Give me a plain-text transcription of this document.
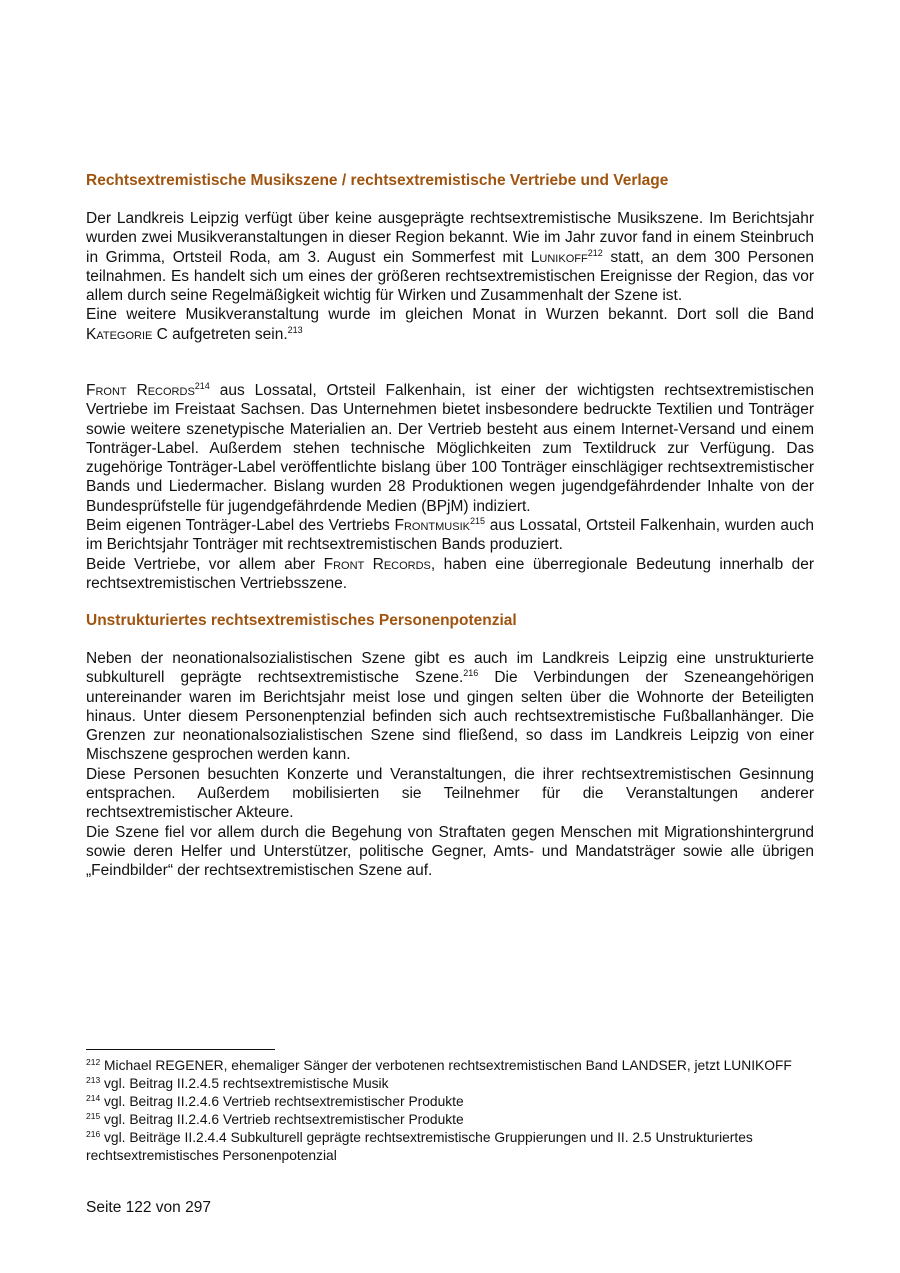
Rechtsextremistische Musikszene / rechtsextremistische Vertriebe und Verlage

Der Landkreis Leipzig verfügt über keine ausgeprägte rechtsextremistische Musikszene. Im Berichtsjahr wurden zwei Musikveranstaltungen in dieser Region bekannt. Wie im Jahr zuvor fand in einem Steinbruch in Grimma, Ortsteil Roda, am 3. August ein Sommerfest mit Lunikoff$^{212}$ statt, an dem 300 Personen teilnahmen. Es handelt sich um eines der größeren rechtsextremistischen Ereignisse der Region, das vor allem durch seine Regelmäßigkeit wichtig für Wirken und Zusammenhalt der Szene ist.

Eine weitere Musikveranstaltung wurde im gleichen Monat in Wurzen bekannt. Dort soll die Band Kategorie C aufgetreten sein.$^{213}$

Front Records$^{214}$ aus Lossatal, Ortsteil Falkenhain, ist einer der wichtigsten rechtsextremistischen Vertriebe im Freistaat Sachsen. Das Unternehmen bietet insbesondere bedruckte Textilien und Tonträger sowie weitere szenetypische Materialien an. Der Vertrieb besteht aus einem Internet-Versand und einem Tonträger-Label. Außerdem stehen technische Möglichkeiten zum Textildruck zur Verfügung. Das zugehörige Tonträger-Label veröffentlichte bislang über 100 Tonträger einschlägiger rechtsextremistischer Bands und Liedermacher. Bislang wurden 28 Produktionen wegen jugendgefährdender Inhalte von der Bundesprüfstelle für jugendgefährdende Medien (BPjM) indiziert.

Beim eigenen Tonträger-Label des Vertriebs Frontmusik$^{215}$ aus Lossatal, Ortsteil Falkenhain, wurden auch im Berichtsjahr Tonträger mit rechtsextremistischen Bands produziert.

Beide Vertriebe, vor allem aber Front Records, haben eine überregionale Bedeutung innerhalb der rechtsextremistischen Vertriebsszene.

Unstrukturiertes rechtsextremistisches Personenpotenzial

Neben der neonationalsozialistischen Szene gibt es auch im Landkreis Leipzig eine unstrukturierte subkulturell geprägte rechtsextremistische Szene.$^{216}$ Die Verbindungen der Szeneangehörigen untereinander waren im Berichtsjahr meist lose und gingen selten über die Wohnorte der Beteiligten hinaus. Unter diesem Personenptenzial befinden sich auch rechtsextremistische Fußballanhänger. Die Grenzen zur neonationalsozialistischen Szene sind fließend, so dass im Landkreis Leipzig von einer Mischszene gesprochen werden kann.

Diese Personen besuchten Konzerte und Veranstaltungen, die ihrer rechtsextremistischen Gesinnung entsprachen. Außerdem mobilisierten sie Teilnehmer für die Veranstaltungen anderer rechtsextremistischer Akteure.

Die Szene fiel vor allem durch die Begehung von Straftaten gegen Menschen mit Migrationshintergrund sowie deren Helfer und Unterstützer, politische Gegner, Amts- und Mandatsträger sowie alle übrigen „Feindbilder“ der rechtsextremistischen Szene auf.

$^{212}$ Michael REGENER, ehemaliger Sänger der verbotenen rechtsextremistischen Band LANDSER, jetzt LUNIKOFF

$^{213}$ vgl. Beitrag II.2.4.5 rechtsextremistische Musik

$^{214}$ vgl. Beitrag II.2.4.6 Vertrieb rechtsextremistischer Produkte

$^{215}$ vgl. Beitrag II.2.4.6 Vertrieb rechtsextremistischer Produkte

$^{216}$ vgl. Beiträge II.2.4.4 Subkulturell geprägte rechtsextremistische Gruppierungen und II. 2.5 Unstrukturiertes rechtsextremistisches Personenpotenzial

Seite 122 von 297
